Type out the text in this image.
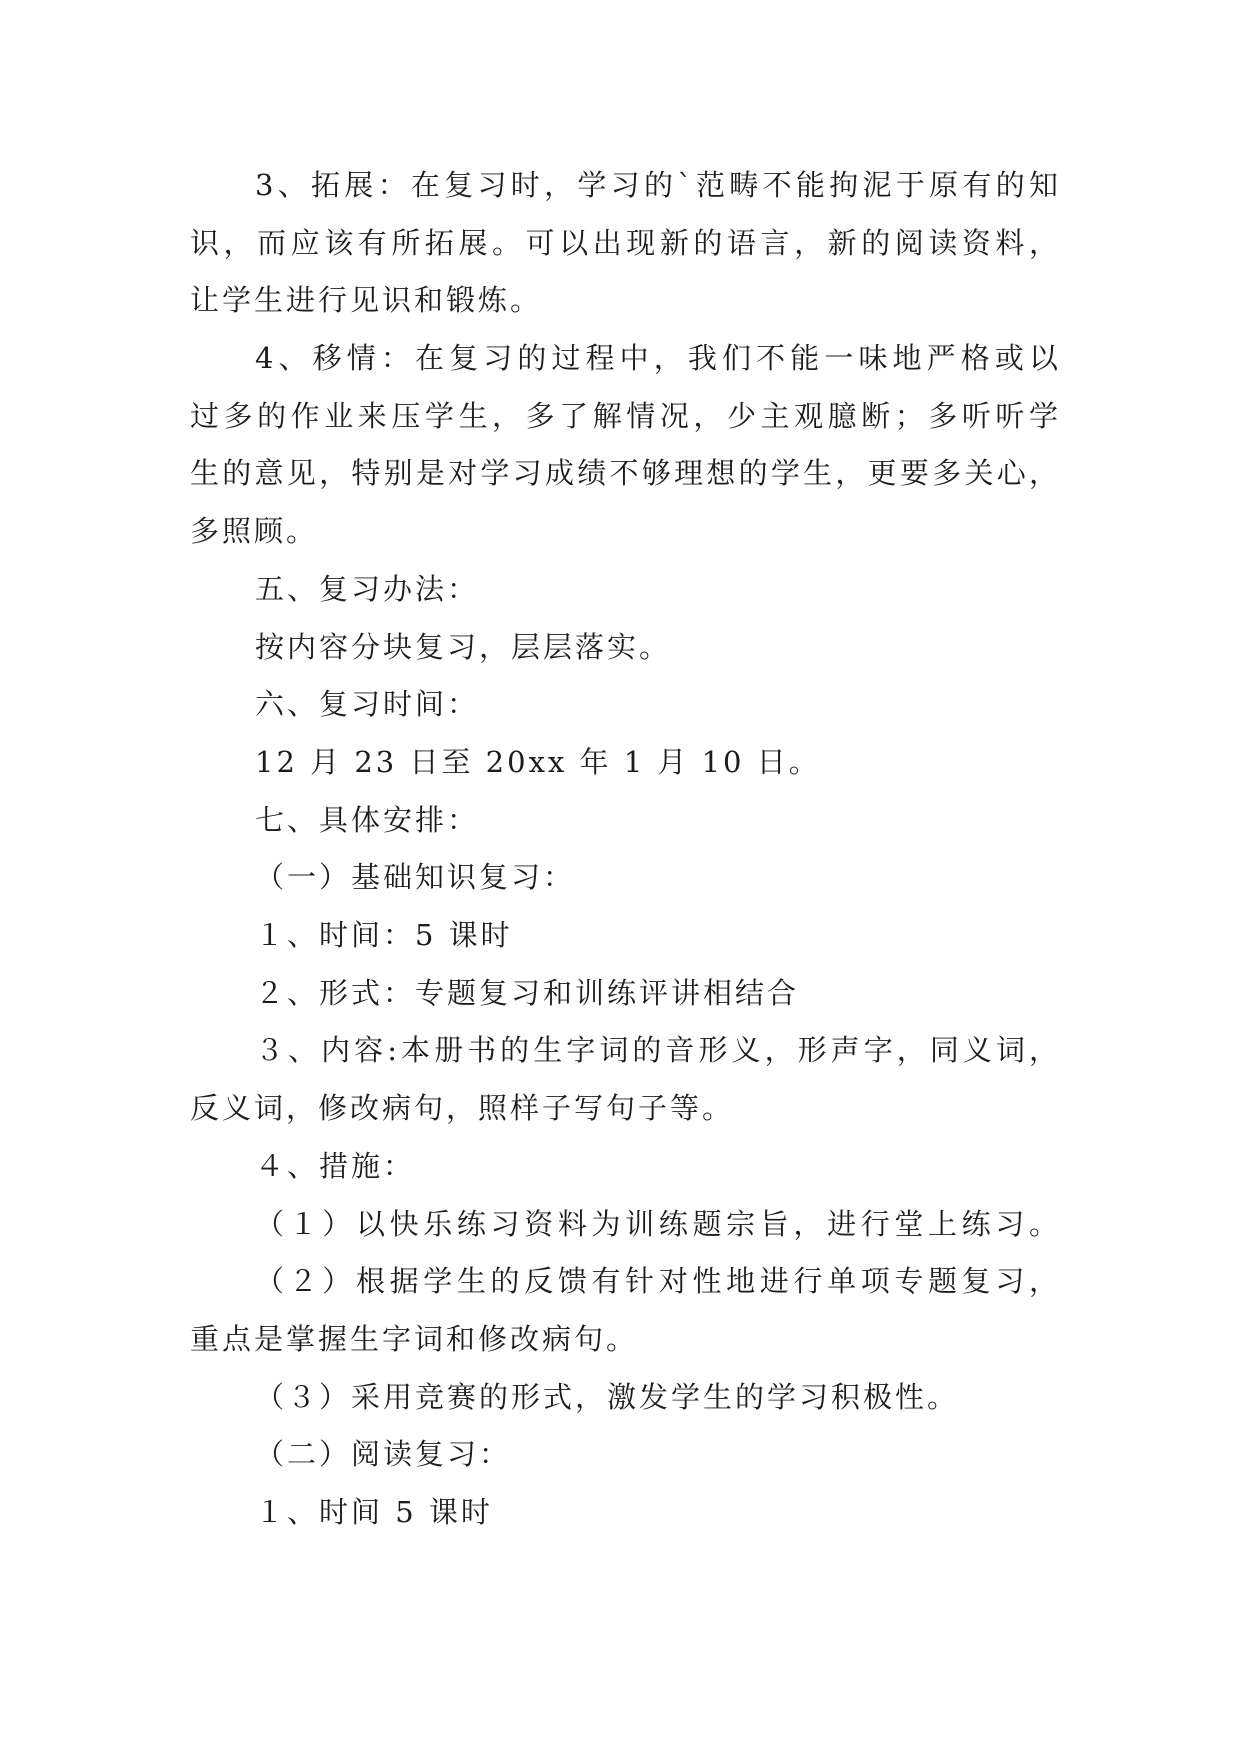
3、拓展：在复习时，学习的`范畴不能拘泥于原有的知
识，而应该有所拓展。可以出现新的语言，新的阅读资料，
让学生进行见识和锻炼。
4、移情：在复习的过程中，我们不能一味地严格或以
过多的作业来压学生，多了解情况，少主观臆断；多听听学
生的意见，特别是对学习成绩不够理想的学生，更要多关心，
多照顾。
五、复习办法：
按内容分块复习，层层落实。
六、复习时间：
12 月 23 日至 20xx 年 1 月 10 日。
七、具体安排：
（一）基础知识复习：
１、时间：5 课时
２、形式：专题复习和训练评讲相结合
３、内容:本册书的生字词的音形义，形声字，同义词，
反义词，修改病句，照样子写句子等。
４、措施：
（１）以快乐练习资料为训练题宗旨，进行堂上练习。
（２）根据学生的反馈有针对性地进行单项专题复习，
重点是掌握生字词和修改病句。
（３）采用竞赛的形式，激发学生的学习积极性。
（二）阅读复习：
１、时间 5 课时
